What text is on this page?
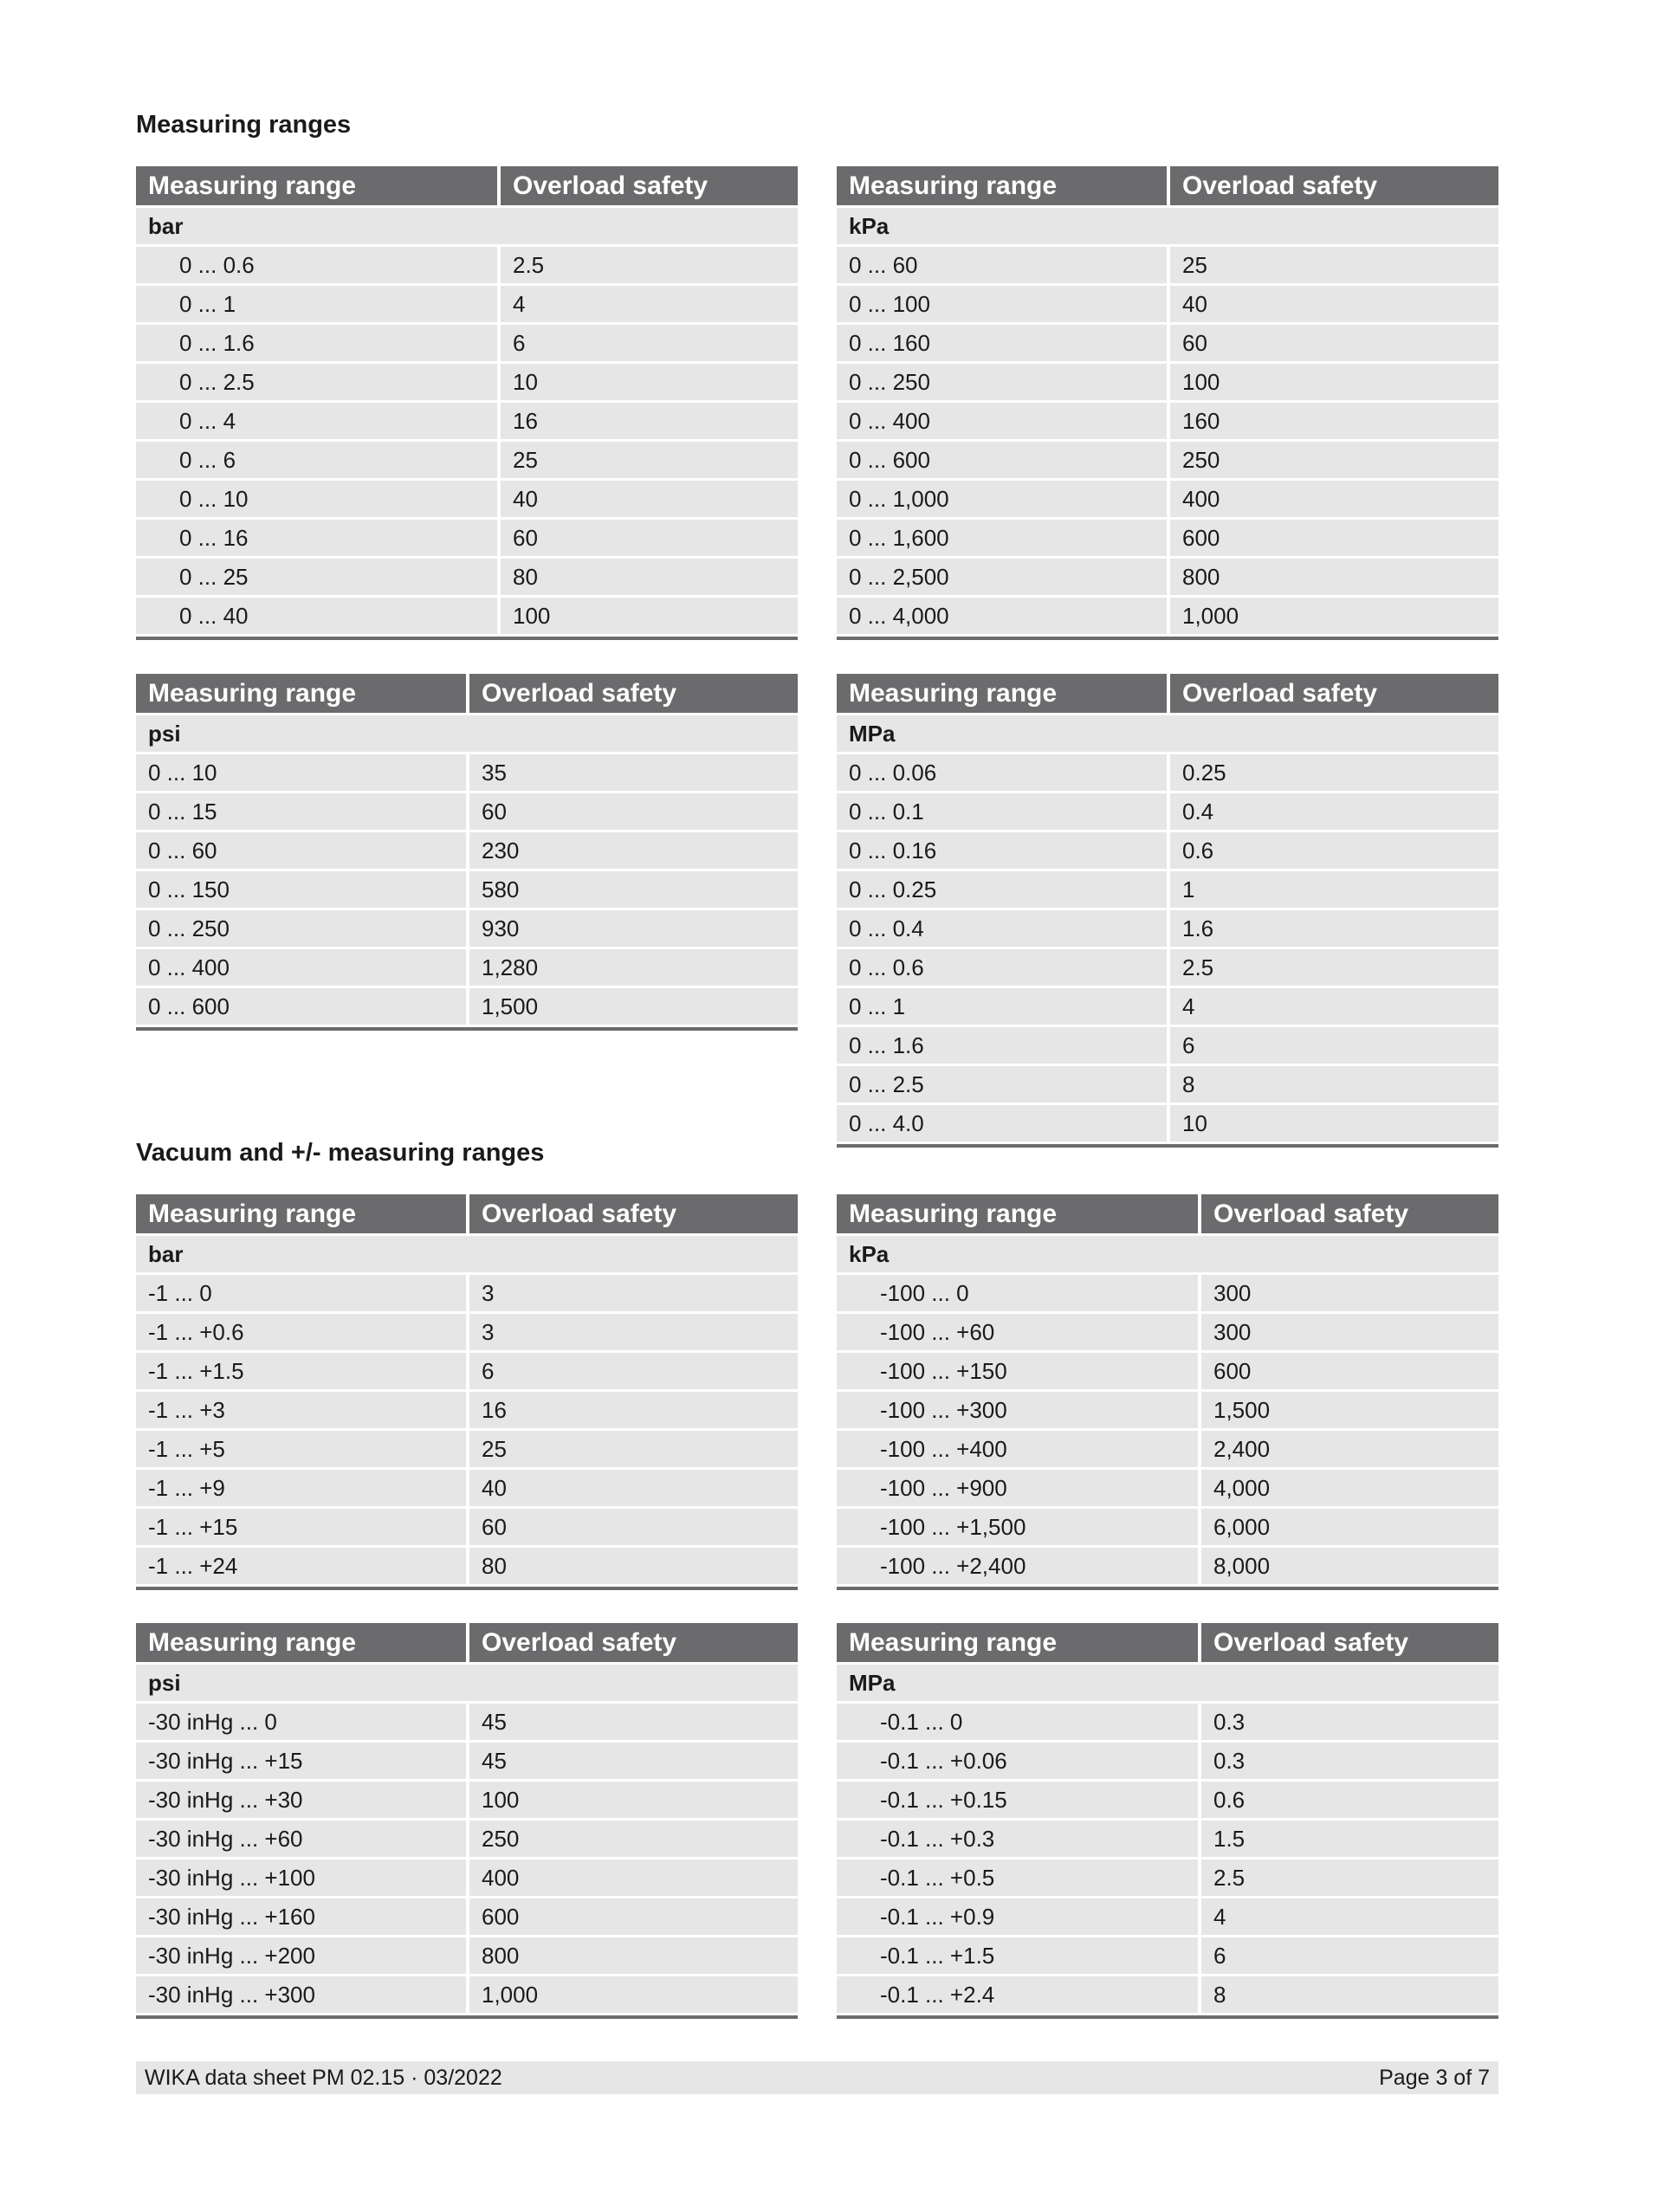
Measuring ranges
Vacuum and +/- measuring ranges
Measuring range	Overload safety
bar	
0 ... 0.6	2.5
0 ... 1	4
0 ... 1.6	6
0 ... 2.5	10
0 ... 4	16
0 ... 6	25
0 ... 10	40
0 ... 16	60
0 ... 25	80
0 ... 40	100
Measuring range	Overload safety
kPa	
0 ... 60	25
0 ... 100	40
0 ... 160	60
0 ... 250	100
0 ... 400	160
0 ... 600	250
0 ... 1,000	400
0 ... 1,600	600
0 ... 2,500	800
0 ... 4,000	1,000
Measuring range	Overload safety
psi	
0 ... 10	35
0 ... 15	60
0 ... 60	230
0 ... 150	580
0 ... 250	930
0 ... 400	1,280
0 ... 600	1,500
Measuring range	Overload safety
MPa	
0 ... 0.06	0.25
0 ... 0.1	0.4
0 ... 0.16	0.6
0 ... 0.25	1
0 ... 0.4	1.6
0 ... 0.6	2.5
0 ... 1	4
0 ... 1.6	6
0 ... 2.5	8
0 ... 4.0	10
Measuring range	Overload safety
bar	
-1 ... 0	3
-1 ... +0.6	3
-1 ... +1.5	6
-1 ... +3	16
-1 ... +5	25
-1 ... +9	40
-1 ... +15	60
-1 ... +24	80
Measuring range	Overload safety
kPa	
-100 ... 0	300
-100 ... +60	300
-100 ... +150	600
-100 ... +300	1,500
-100 ... +400	2,400
-100 ... +900	4,000
-100 ... +1,500	6,000
-100 ... +2,400	8,000
Measuring range	Overload safety
psi	
-30 inHg ... 0	45
-30 inHg ... +15	45
-30 inHg ... +30	100
-30 inHg ... +60	250
-30 inHg ... +100	400
-30 inHg ... +160	600
-30 inHg ... +200	800
-30 inHg ... +300	1,000
Measuring range	Overload safety
MPa	
-0.1 ... 0	0.3
-0.1 ... +0.06	0.3
-0.1 ... +0.15	0.6
-0.1 ... +0.3	1.5
-0.1 ... +0.5	2.5
-0.1 ... +0.9	4
-0.1 ... +1.5	6
-0.1 ... +2.4	8
WIKA data sheet PM 02.15 · 03/2022	Page 3 of 7
